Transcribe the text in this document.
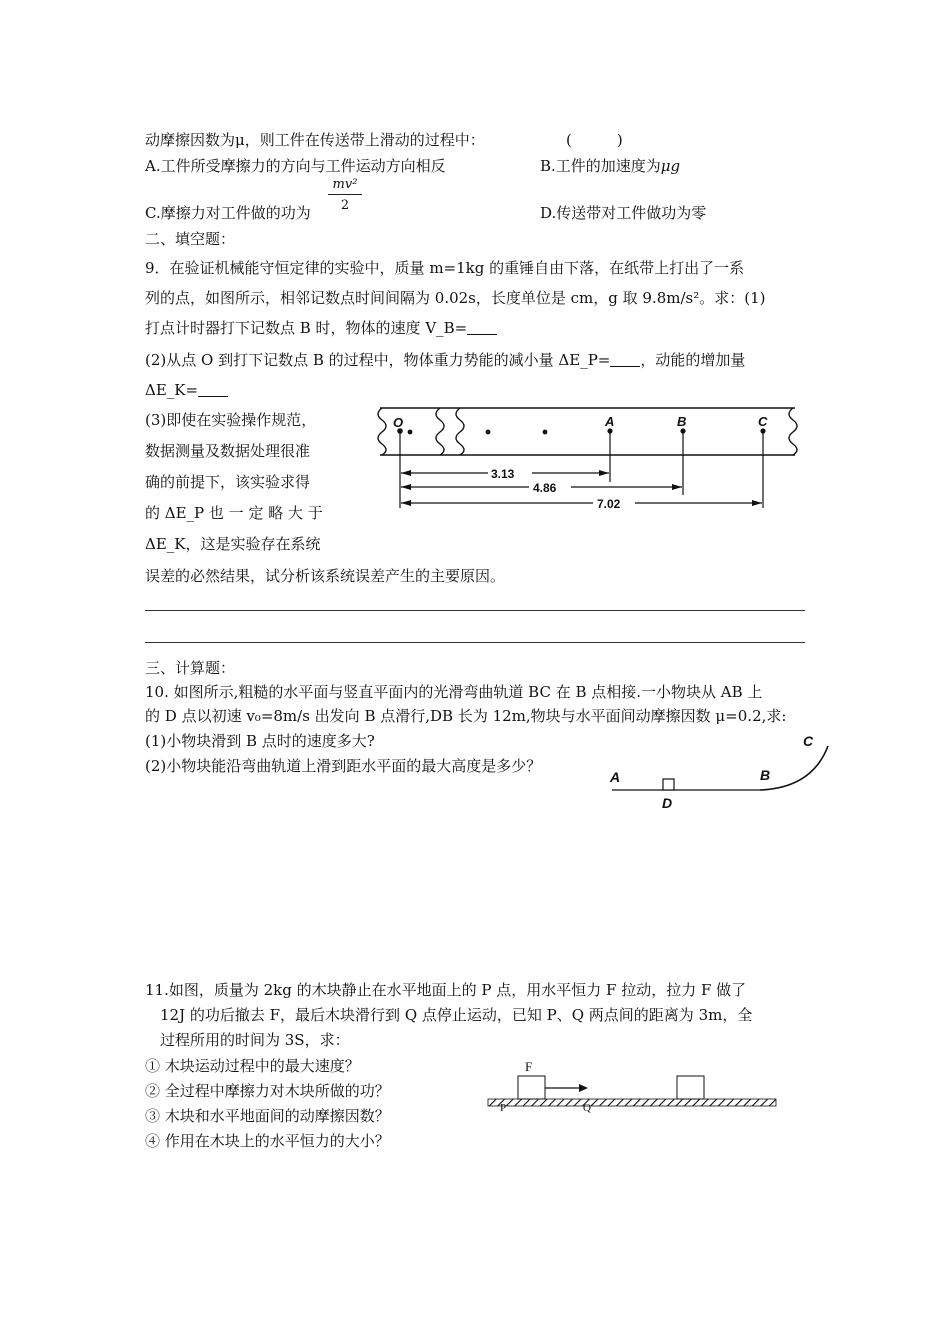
动摩擦因数为μ，则工件在传送带上滑动的过程中：	(　　　)
A.工件所受摩擦力的方向与工件运动方向相反	B.工件的加速度为μg
C.摩擦力对工件做的功为
mv²
2	D.传送带对工件做功为零
二、填空题：
9．在验证机械能守恒定律的实验中，质量 m=1kg 的重锤自由下落，在纸带上打出了一系
列的点，如图所示，相邻记数点时间间隔为 0.02s，长度单位是 cm，g 取 9.8m/s²。求：(1)
打点计时器打下记数点 B 时，物体的速度 V_B=
(2)从点 O 到打下记数点 B 的过程中，物体重力势能的减小量 ΔE_P= ，动能的增加量
ΔE_K=
(3)即使在实验操作规范，
数据测量及数据处理很准
确的前提下，该实验求得
的 ΔE_P 也 一 定 略 大 于
ΔE_K，这是实验存在系统
误差的必然结果，试分析该系统误差产生的主要原因。
O	A	B	C
3.13
4.86
7.02
三、计算题：
10. 如图所示,粗糙的水平面与竖直平面内的光滑弯曲轨道 BC 在 B 点相接.一小物块从 AB 上
的 D 点以初速 v₀=8m/s 出发向 B 点滑行,DB 长为 12m,物块与水平面间动摩擦因数 μ=0.2,求:
(1)小物块滑到 B 点时的速度多大?
(2)小物块能沿弯曲轨道上滑到距水平面的最大高度是多少？
A	B
C
D
11.如图，质量为 2kg 的木块静止在水平地面上的 P 点，用水平恒力 F 拉动，拉力 F 做了
12J 的功后撤去 F，最后木块滑行到 Q 点停止运动，已知 P、Q 两点间的距离为 3m，全
过程所用的时间为 3S，求：
① 木块运动过程中的最大速度？
② 全过程中摩擦力对木块所做的功？
③ 木块和水平地面间的动摩擦因数？
④ 作用在木块上的水平恒力的大小？
F
P	Q
